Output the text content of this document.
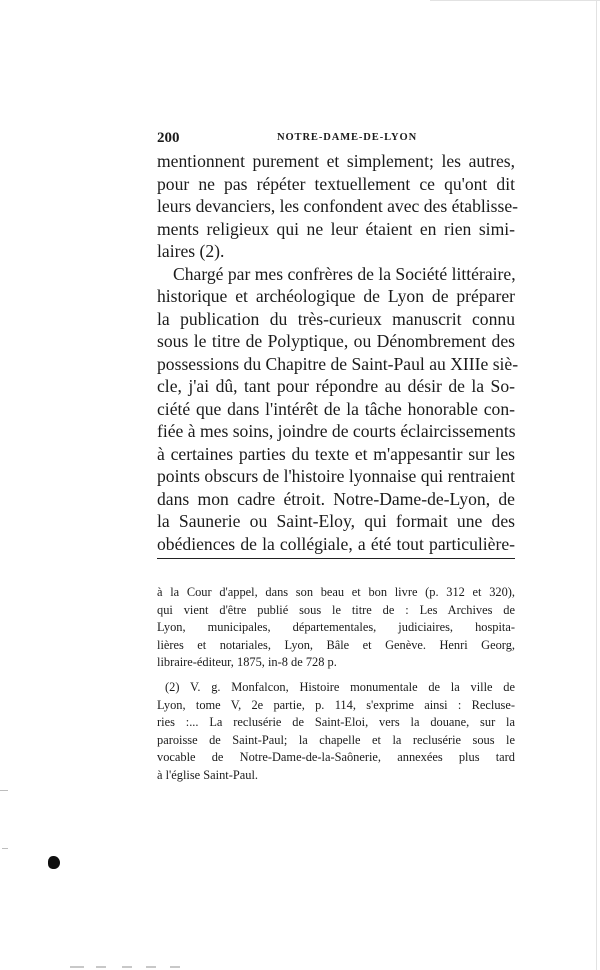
200	NOTRE-DAME-DE-LYON
mentionnent purement et simplement; les autres,
pour ne pas répéter textuellement ce qu'ont dit
leurs devanciers, les confondent avec des établisse-
ments religieux qui ne leur étaient en rien simi-
laires (2).
Chargé par mes confrères de la Société littéraire,
historique et archéologique de Lyon de préparer
la publication du très-curieux manuscrit connu
sous le titre de Polyptique, ou Dénombrement des
possessions du Chapitre de Saint-Paul au XIIIe siè-
cle, j'ai dû, tant pour répondre au désir de la So-
ciété que dans l'intérêt de la tâche honorable con-
fiée à mes soins, joindre de courts éclaircissements
à certaines parties du texte et m'appesantir sur les
points obscurs de l'histoire lyonnaise qui rentraient
dans mon cadre étroit. Notre-Dame-de-Lyon, de
la Saunerie ou Saint-Eloy, qui formait une des
obédiences de la collégiale, a été tout particulière-
à la Cour d'appel, dans son beau et bon livre (p. 312 et 320),
qui vient d'être publié sous le titre de : Les Archives de
Lyon, municipales, départementales, judiciaires, hospita-
lières et notariales, Lyon, Bâle et Genève. Henri Georg,
libraire-éditeur, 1875, in-8 de 728 p.
(2) V. g. Monfalcon, Histoire monumentale de la ville de
Lyon, tome V, 2e partie, p. 114, s'exprime ainsi : Recluse-
ries :... La reclusérie de Saint-Eloi, vers la douane, sur la
paroisse de Saint-Paul; la chapelle et la reclusérie sous le
vocable de Notre-Dame-de-la-Saônerie, annexées plus tard
à l'église Saint-Paul.
